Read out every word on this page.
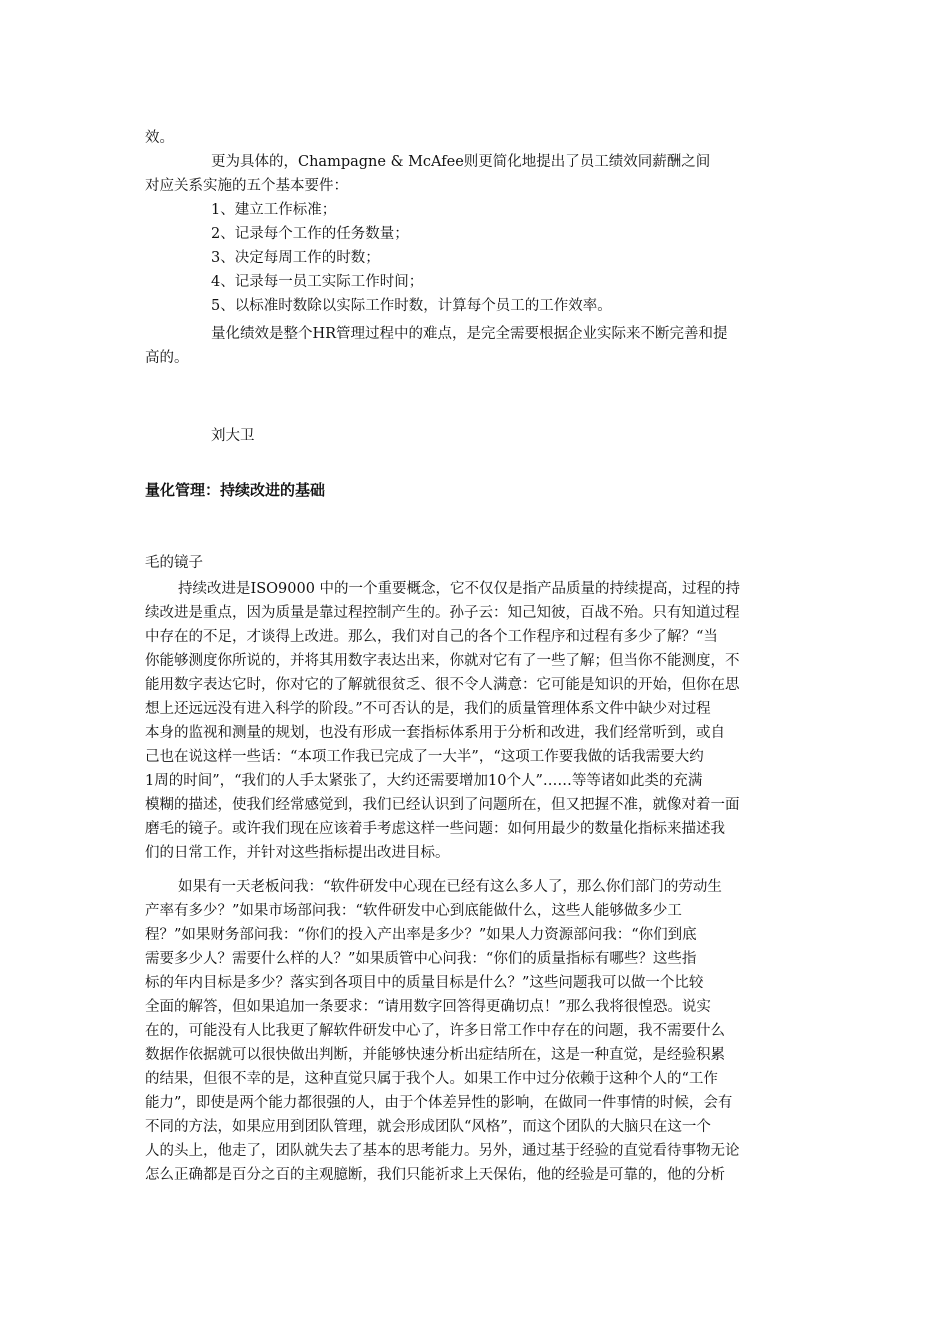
效。
更为具体的，Champagne & McAfee则更简化地提出了员工绩效同薪酬之间
对应关系实施的五个基本要件：
1、建立工作标准；
2、记录每个工作的任务数量；
3、决定每周工作的时数；
4、记录每一员工实际工作时间；
5、以标准时数除以实际工作时数，计算每个员工的工作效率。
量化绩效是整个HR管理过程中的难点，是完全需要根据企业实际来不断完善和提
高的。
刘大卫
量化管理：持续改进的基础
毛的镜子
持续改进是ISO9000 中的一个重要概念，它不仅仅是指产品质量的持续提高，过程的持
续改进是重点，因为质量是靠过程控制产生的。孙子云：知己知彼，百战不殆。只有知道过程
中存在的不足，才谈得上改进。那么，我们对自己的各个工作程序和过程有多少了解？“当
你能够测度你所说的，并将其用数字表达出来，你就对它有了一些了解；但当你不能测度，不
能用数字表达它时，你对它的了解就很贫乏、很不令人满意：它可能是知识的开始，但你在思
想上还远远没有进入科学的阶段。”不可否认的是，我们的质量管理体系文件中缺少对过程
本身的监视和测量的规划，也没有形成一套指标体系用于分析和改进，我们经常听到，或自
己也在说这样一些话：“本项工作我已完成了一大半”，“这项工作要我做的话我需要大约
1周的时间”，“我们的人手太紧张了，大约还需要增加10个人”……等等诸如此类的充满
模糊的描述，使我们经常感觉到，我们已经认识到了问题所在，但又把握不准，就像对着一面
磨毛的镜子。或许我们现在应该着手考虑这样一些问题：如何用最少的数量化指标来描述我
们的日常工作，并针对这些指标提出改进目标。
如果有一天老板问我：“软件研发中心现在已经有这么多人了，那么你们部门的劳动生
产率有多少？”如果市场部问我：“软件研发中心到底能做什么，这些人能够做多少工
程？”如果财务部问我：“你们的投入产出率是多少？”如果人力资源部问我：“你们到底
需要多少人？需要什么样的人？”如果质管中心问我：“你们的质量指标有哪些？这些指
标的年内目标是多少？落实到各项目中的质量目标是什么？”这些问题我可以做一个比较
全面的解答，但如果追加一条要求：“请用数字回答得更确切点！”那么我将很惶恐。说实
在的，可能没有人比我更了解软件研发中心了，许多日常工作中存在的问题，我不需要什么
数据作依据就可以很快做出判断，并能够快速分析出症结所在，这是一种直觉，是经验积累
的结果，但很不幸的是，这种直觉只属于我个人。如果工作中过分依赖于这种个人的“工作
能力”，即使是两个能力都很强的人，由于个体差异性的影响，在做同一件事情的时候，会有
不同的方法，如果应用到团队管理，就会形成团队“风格”，而这个团队的大脑只在这一个
人的头上，他走了，团队就失去了基本的思考能力。另外，通过基于经验的直觉看待事物无论
怎么正确都是百分之百的主观臆断，我们只能祈求上天保佑，他的经验是可靠的，他的分析
